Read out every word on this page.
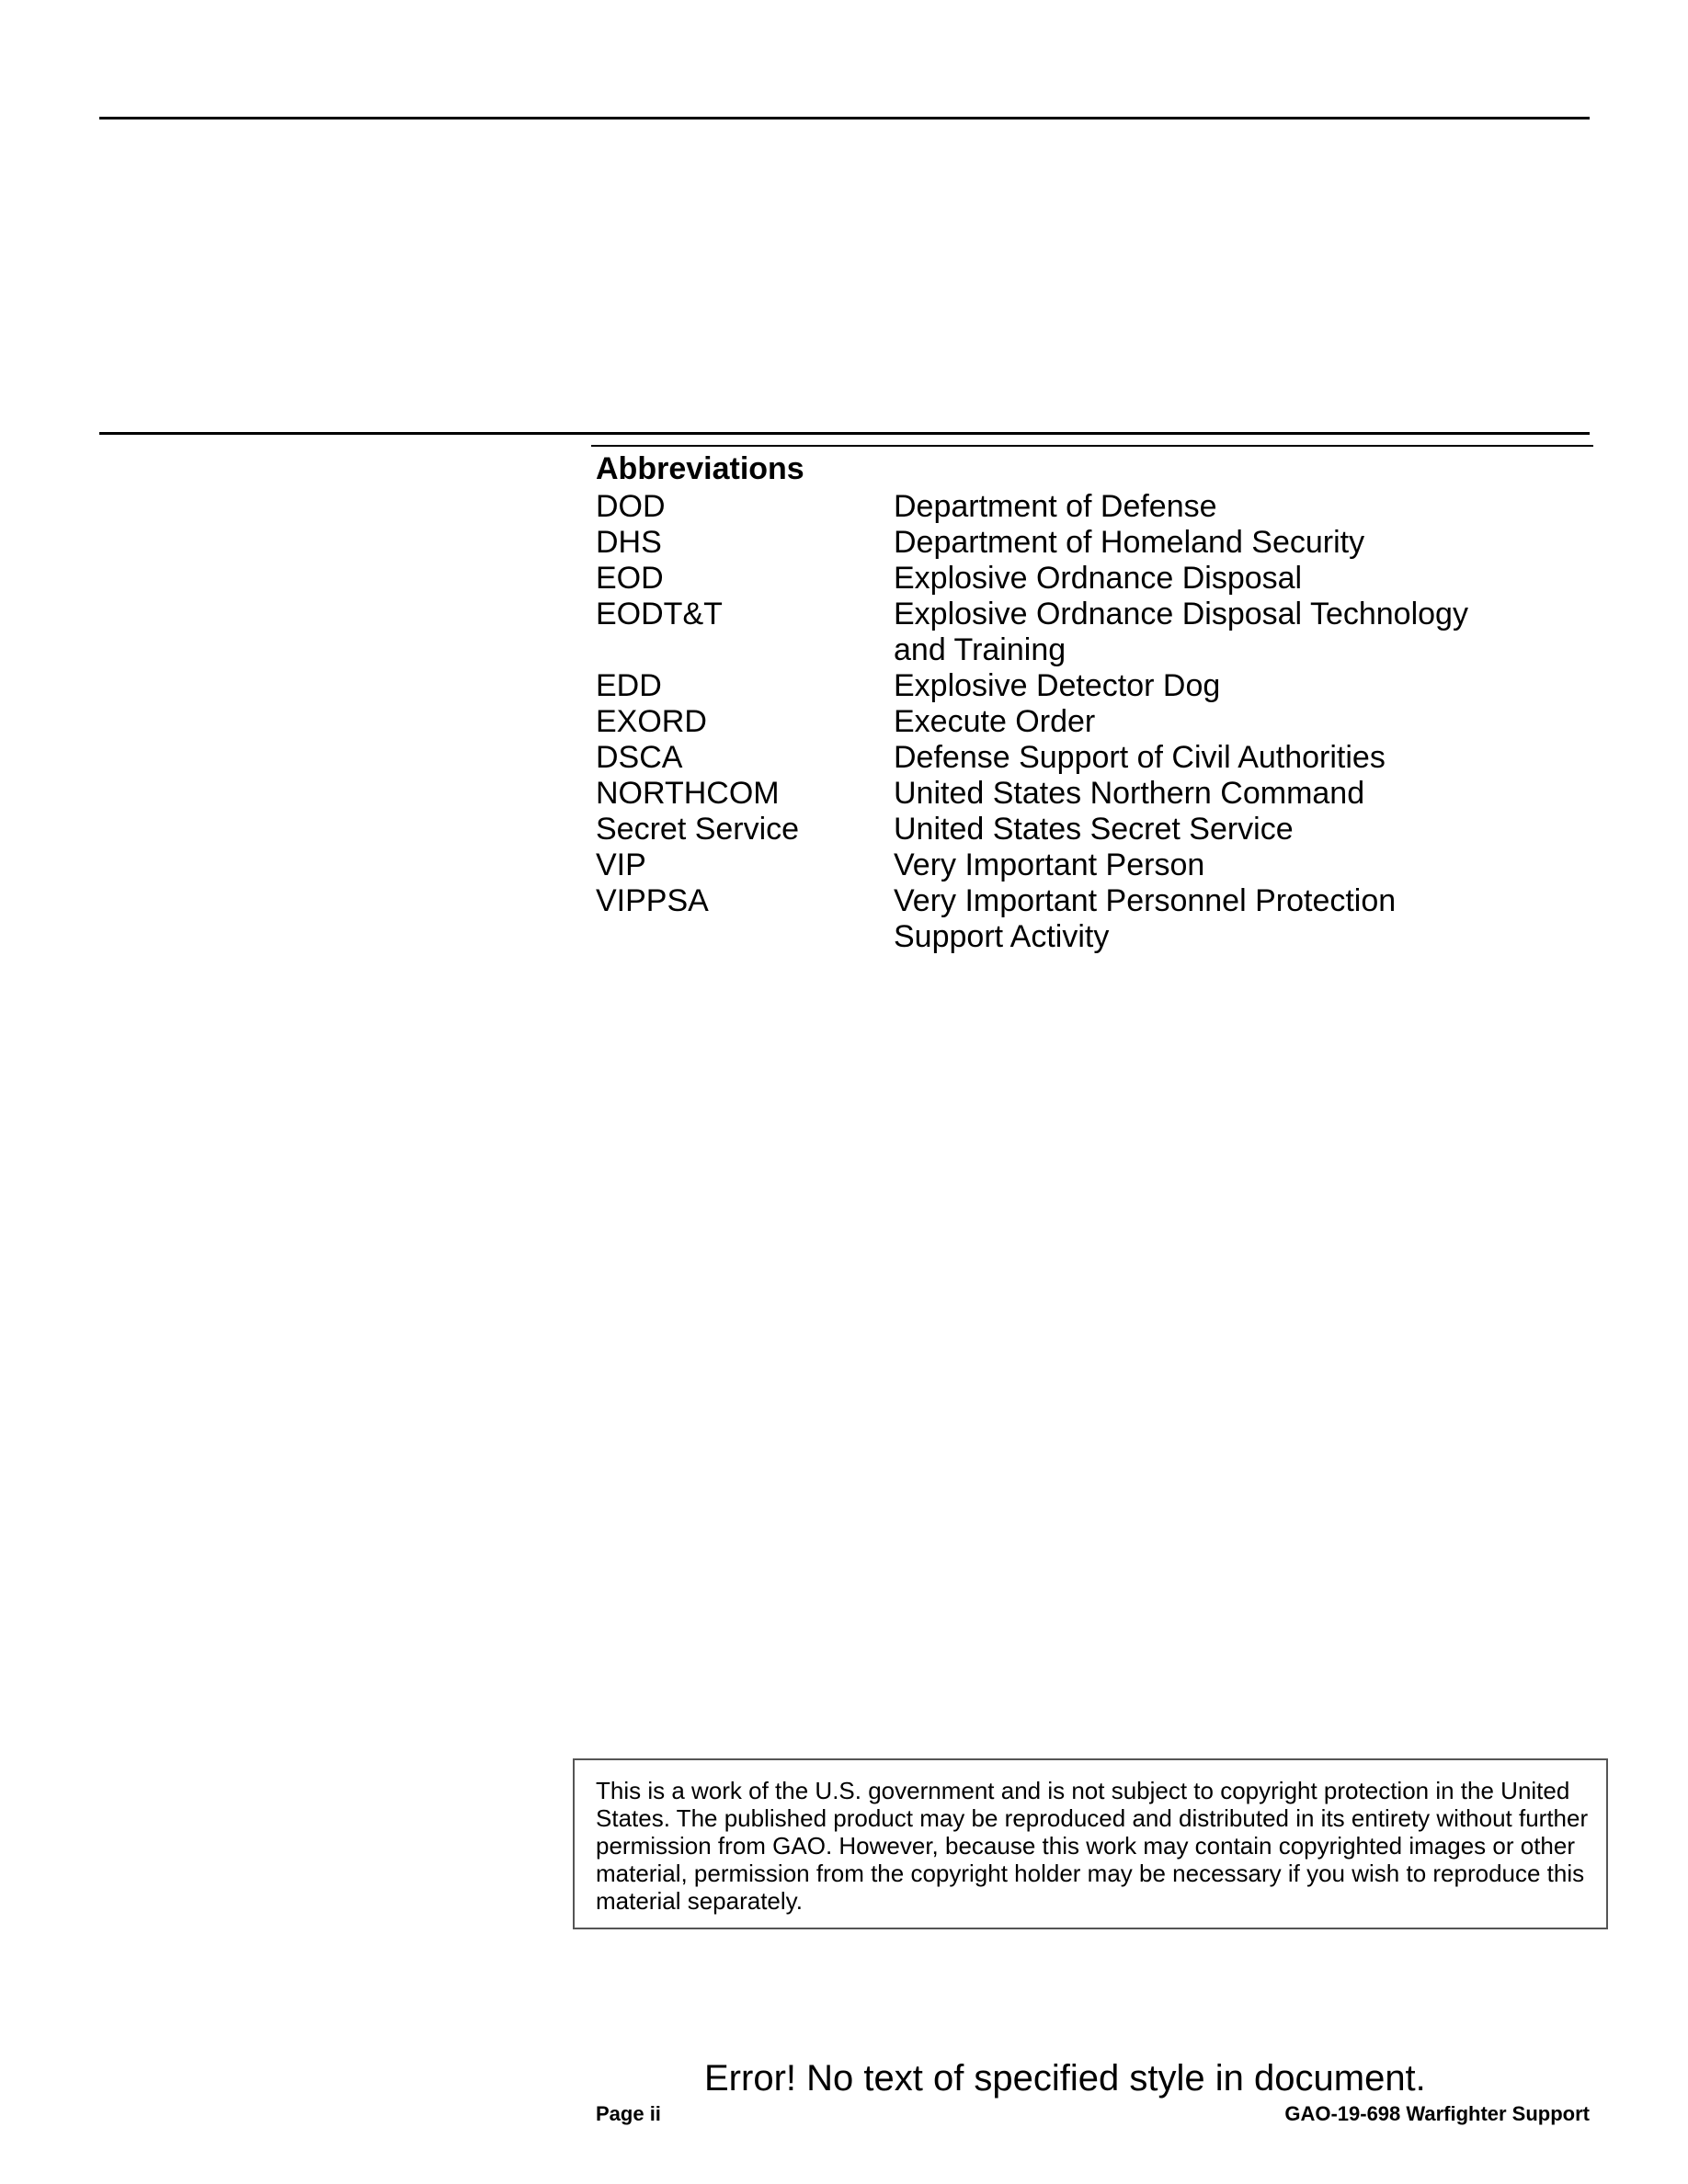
Abbreviations
DOD	Department of Defense
DHS	Department of Homeland Security
EOD	Explosive Ordnance Disposal
EODT&T	Explosive Ordnance Disposal Technology and Training
EDD	Explosive Detector Dog
EXORD	Execute Order
DSCA	Defense Support of Civil Authorities
NORTHCOM	United States Northern Command
Secret Service	United States Secret Service
VIP	Very Important Person
VIPPSA	Very Important Personnel Protection Support Activity
This is a work of the U.S. government and is not subject to copyright protection in the United States. The published product may be reproduced and distributed in its entirety without further permission from GAO. However, because this work may contain copyrighted images or other material, permission from the copyright holder may be necessary if you wish to reproduce this material separately.
Error! No text of specified style in document.
Page ii	GAO-19-698 Warfighter Support
